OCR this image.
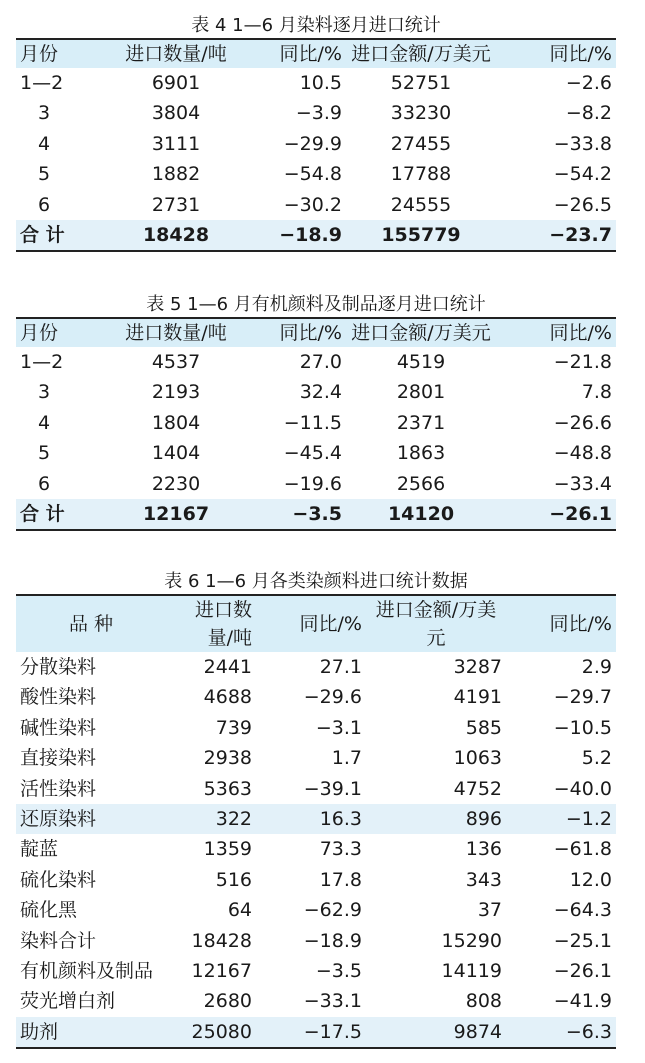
表 4 1—6 月染料逐月进口统计
月份	进口数量/吨	同比/%	进口金额/万美元	同比/%
1—2	6901	10.5	52751	−2.6
3	3804	−3.9	33230	−8.2
4	3111	−29.9	27455	−33.8
5	1882	−54.8	17788	−54.2
6	2731	−30.2	24555	−26.5
合 计	18428	−18.9	155779	−23.7
表 5 1—6 月有机颜料及制品逐月进口统计
月份	进口数量/吨	同比/%	进口金额/万美元	同比/%
1—2	4537	27.0	4519	−21.8
3	2193	32.4	2801	7.8
4	1804	−11.5	2371	−26.6
5	1404	−45.4	1863	−48.8
6	2230	−19.6	2566	−33.4
合 计	12167	−3.5	14120	−26.1
表 6 1—6 月各类染颜料进口统计数据
品 种	进口数量/吨	同比/%	进口金额/万美元	同比/%
分散染料	2441	27.1	3287	2.9
酸性染料	4688	−29.6	4191	−29.7
碱性染料	739	−3.1	585	−10.5
直接染料	2938	1.7	1063	5.2
活性染料	5363	−39.1	4752	−40.0
还原染料	322	16.3	896	−1.2
靛蓝	1359	73.3	136	−61.8
硫化染料	516	17.8	343	12.0
硫化黑	64	−62.9	37	−64.3
染料合计	18428	−18.9	15290	−25.1
有机颜料及制品	12167	−3.5	14119	−26.1
荧光增白剂	2680	−33.1	808	−41.9
助剂	25080	−17.5	9874	−6.3
